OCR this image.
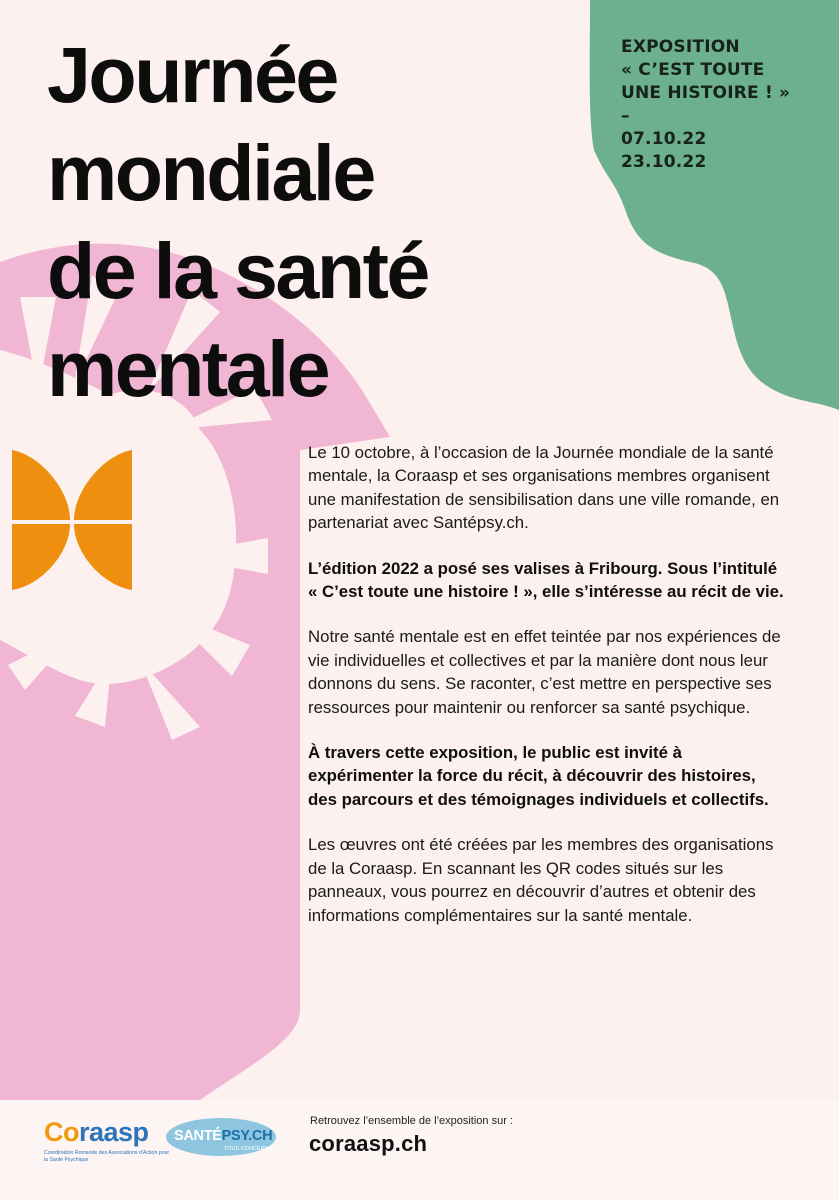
EXPOSITION
« C’EST TOUTE
UNE HISTOIRE ! »
–
07.10.22
23.10.22
Journée
mondiale
de la santé
mentale

Le 10 octobre, à l’occasion de la Journée mondiale de la santé mentale, la Coraasp et ses organisations membres organisent une manifestation de sensibilisation dans une ville romande, en partenariat avec Santépsy.ch.

L’édition 2022 a posé ses valises à Fribourg. Sous l’intitulé « C’est toute une histoire ! », elle s’intéresse au récit de vie.

Notre santé mentale est en effet teintée par nos expériences de vie individuelles et collectives et par la manière dont nous leur donnons du sens. Se raconter, c’est mettre en perspective ses ressources pour maintenir ou renforcer sa santé psychique.

À travers cette exposition, le public est invité à expérimenter la force du récit, à découvrir des histoires, des parcours et des témoignages individuels et collectifs.

Les œuvres ont été créées par les membres des organisations de la Coraasp. En scannant les QR codes situés sur les panneaux, vous pourrez en découvrir d’autres et obtenir des informations complémentaires sur la santé mentale.

Coraasp
Coordination Romande des Associations d’Action pour la Santé Psychique
SANTÉPSY.CH
TOUS CONCERNÉS
Retrouvez l’ensemble de l’exposition sur :
coraasp.ch
